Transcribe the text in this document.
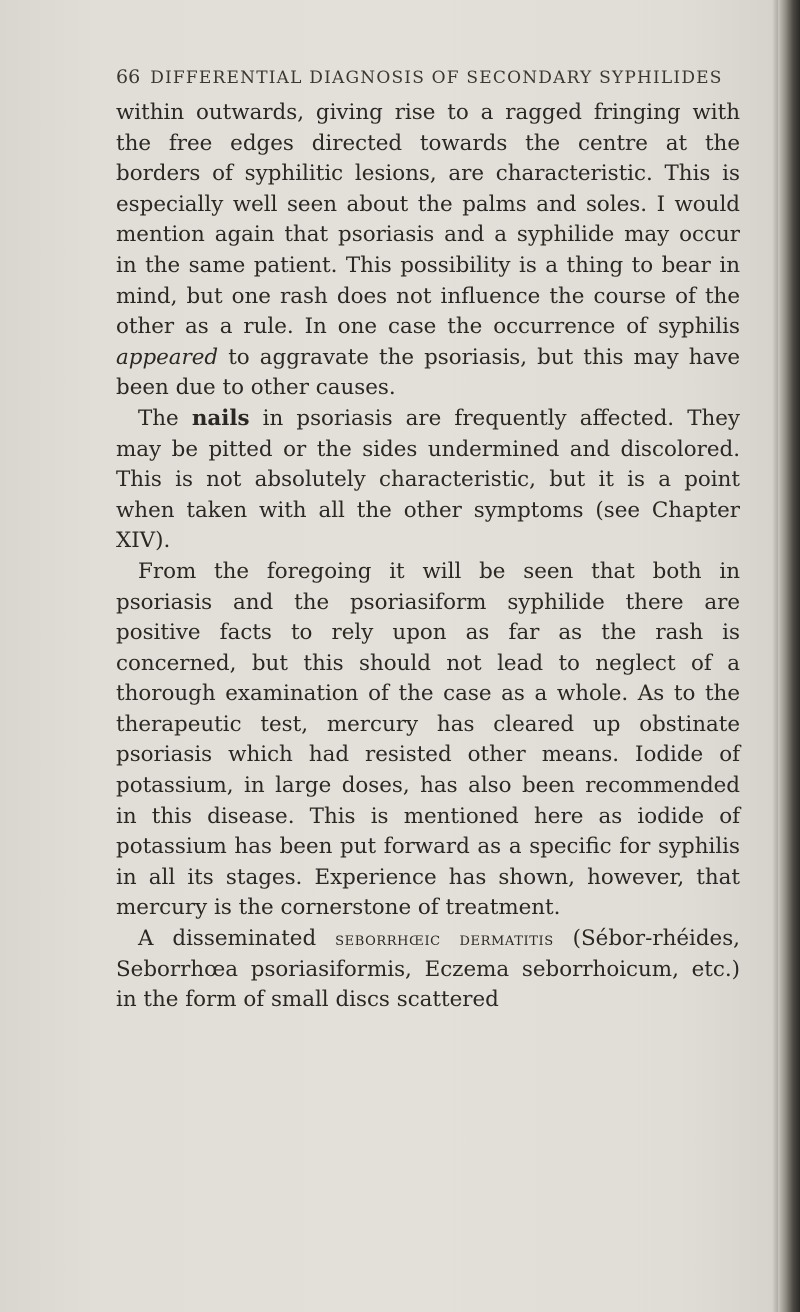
66 DIFFERENTIAL DIAGNOSIS OF SECONDARY SYPHILIDES

within outwards, giving rise to a ragged fringing with the free edges directed towards the centre at the borders of syphilitic lesions, are characteristic. This is especially well seen about the palms and soles. I would mention again that psoriasis and a syphilide may occur in the same patient. This possibility is a thing to bear in mind, but one rash does not influence the course of the other as a rule. In one case the occurrence of syphilis appeared to aggravate the psoriasis, but this may have been due to other causes.

The nails in psoriasis are frequently affected. They may be pitted or the sides undermined and discolored. This is not absolutely characteristic, but it is a point when taken with all the other symptoms (see Chapter XIV).

From the foregoing it will be seen that both in psoriasis and the psoriasiform syphilide there are positive facts to rely upon as far as the rash is concerned, but this should not lead to neglect of a thorough examination of the case as a whole. As to the therapeutic test, mercury has cleared up obstinate psoriasis which had resisted other means. Iodide of potassium, in large doses, has also been recommended in this disease. This is mentioned here as iodide of potassium has been put forward as a specific for syphilis in all its stages. Experience has shown, however, that mercury is the cornerstone of treatment.

A disseminated seborrhœic dermatitis (Sébor-rhéides, Seborrhœa psoriasiformis, Eczema seborrhoicum, etc.) in the form of small discs scattered
